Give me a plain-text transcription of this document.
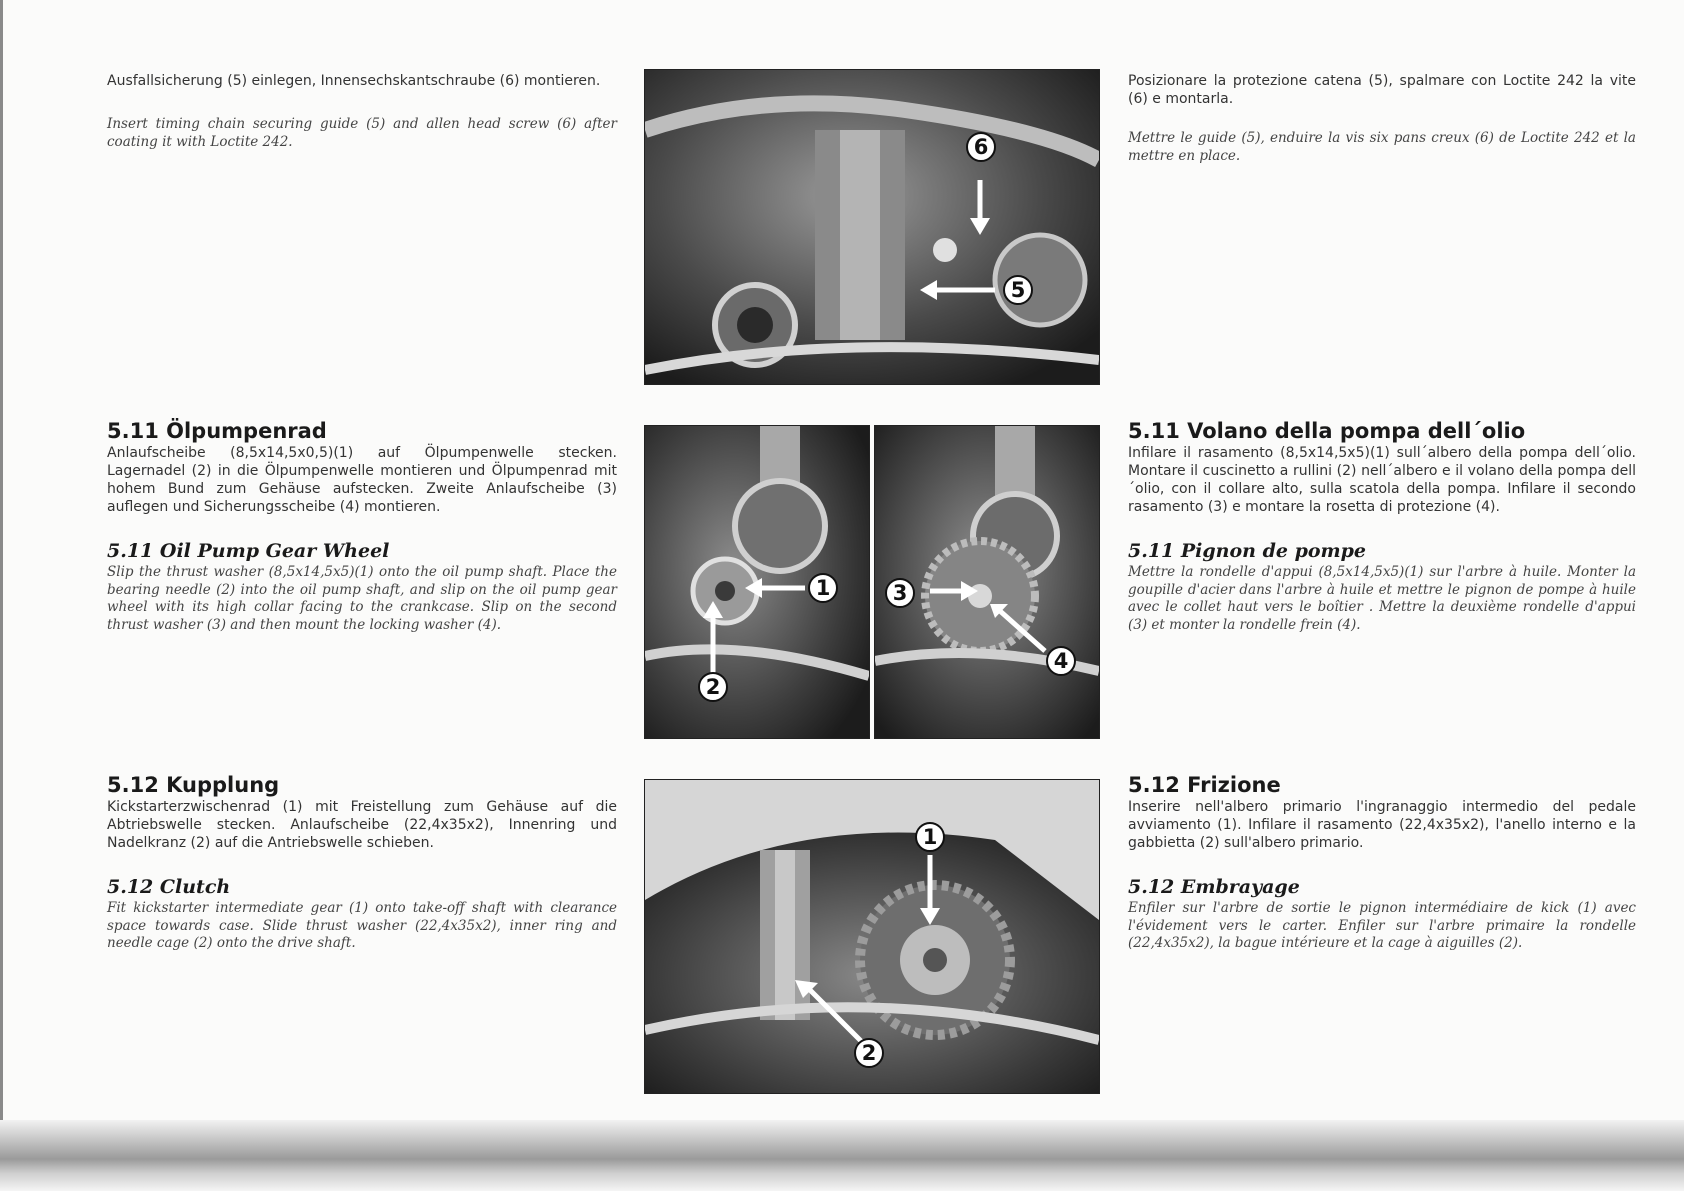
Ausfallsicherung (5) einlegen, Innensechskantschraube (6) montieren.

Insert timing chain securing guide (5) and allen head screw (6) after coating it with Loctite 242.	6
5

Posizionare la protezione catena (5), spalmare con Loctite 242 la vite (6) e montarla.

Mettre le guide (5), enduire la vis six pans creux (6) de Loctite 242 et la mettre en place.

5.11 Ölpumpenrad

Anlaufscheibe (8,5x14,5x0,5)(1) auf Ölpumpenwelle stecken. Lagernadel (2) in die Ölpumpenwelle montieren und Ölpumpenrad mit hohem Bund zum Gehäuse aufstecken. Zweite Anlaufscheibe (3) auflegen und Sicherungsscheibe (4) montieren.

5.11 Oil Pump Gear Wheel

Slip the thrust washer (8,5x14,5x5)(1) onto the oil pump shaft. Place the bearing needle (2) into the oil pump shaft, and slip on the oil pump gear wheel with its high collar facing to the crankcase. Slip on the second thrust washer (3) and then mount the locking washer (4).

1
2
3
4
5.11 Volano della pompa dell´olio

Infilare il rasamento (8,5x14,5x5)(1) sull´albero della pompa dell´olio. Montare il cuscinetto a rullini (2) nell´albero e il volano della pompa dell´olio, con il collare alto, sulla scatola della pompa. Infilare il secondo rasamento (3) e montare la rosetta di protezione (4).

5.11 Pignon de pompe

Mettre la rondelle d'appui (8,5x14,5x5)(1) sur l'arbre à huile. Monter la goupille d'acier dans l'arbre à huile et mettre le pignon de pompe à huile avec le collet haut vers le boîtier . Mettre la deuxième rondelle d'appui (3) et monter la rondelle frein (4).

5.12 Kupplung

Kickstarterzwischenrad (1) mit Freistellung zum Gehäuse auf die Abtriebswelle stecken. Anlaufscheibe (22,4x35x2), Innenring und Nadelkranz (2) auf die Antriebswelle schieben.

5.12 Clutch

Fit kickstarter intermediate gear (1) onto take-off shaft with clearance space towards case. Slide thrust washer (22,4x35x2), inner ring and needle cage (2) onto the drive shaft.

1
2
5.12 Frizione

Inserire nell'albero primario l'ingranaggio intermedio del pedale avviamento (1). Infilare il rasamento (22,4x35x2), l'anello interno e la gabbietta (2) sull'albero primario.

5.12 Embrayage

Enfiler sur l'arbre de sortie le pignon intermédiaire de kick (1) avec l'évidement vers le carter. Enfiler sur l'arbre primaire la rondelle (22,4x35x2), la bague intérieure et la cage à aiguilles (2).
